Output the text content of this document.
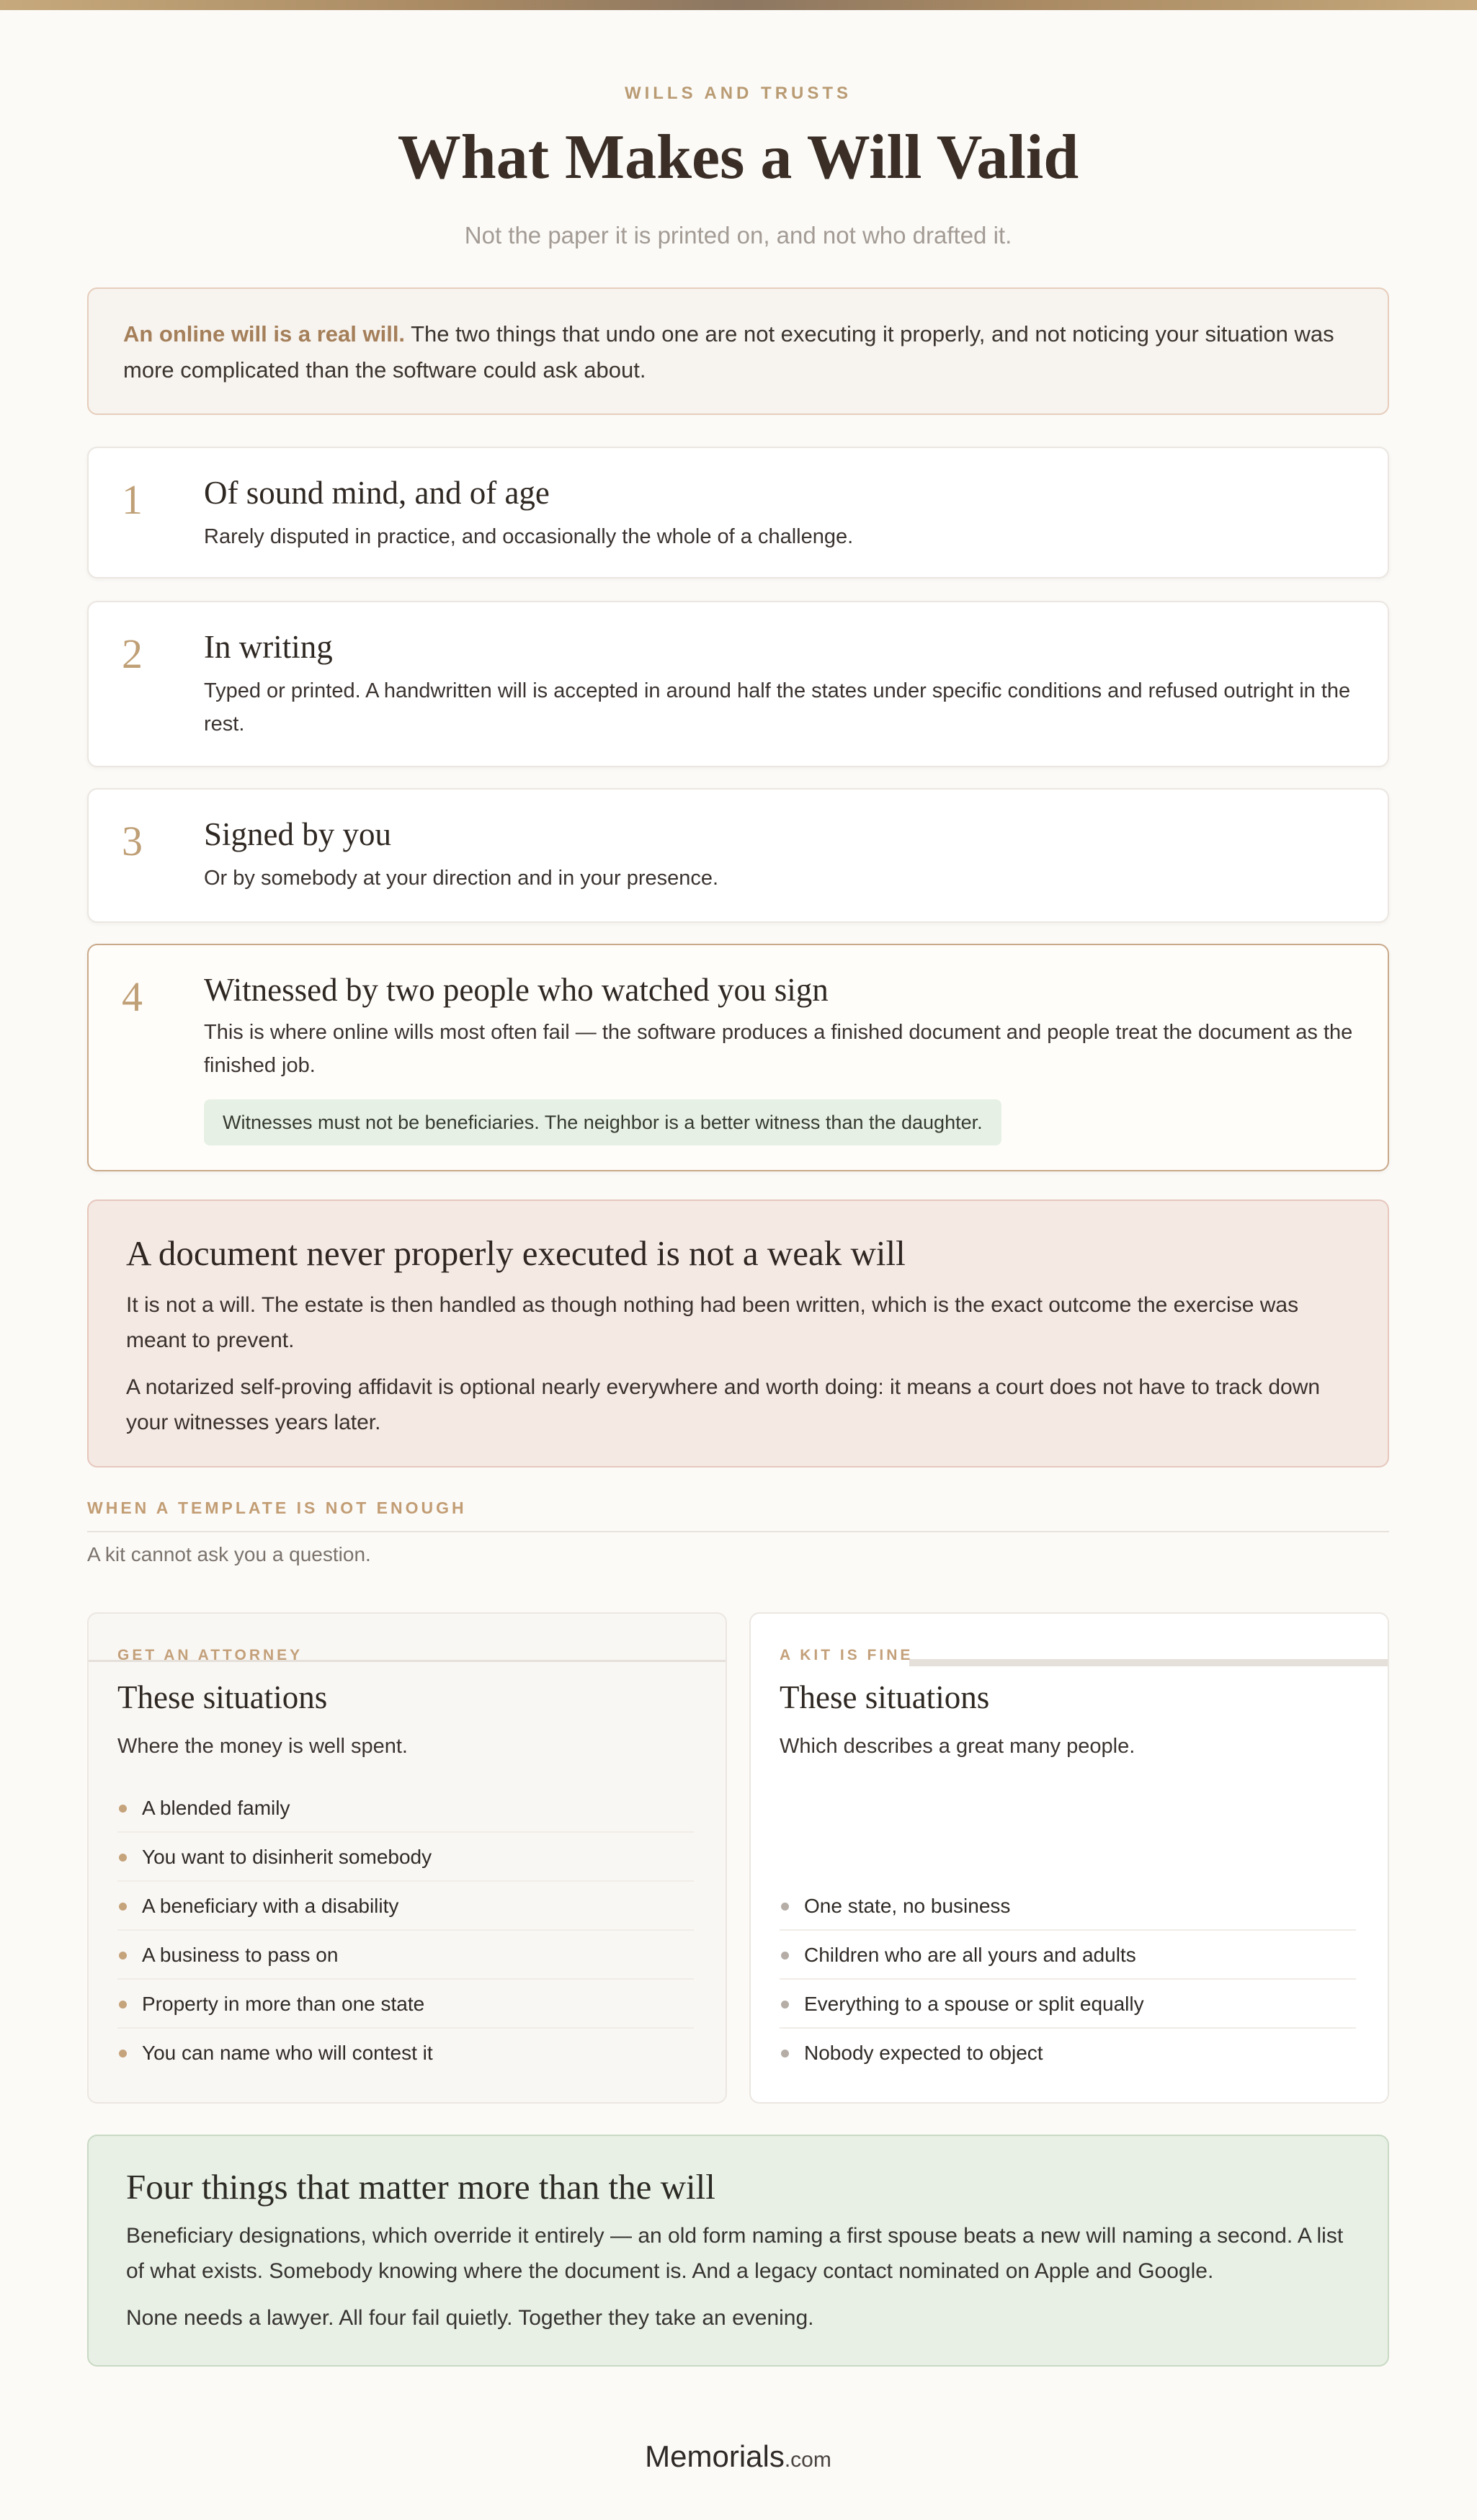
WILLS AND TRUSTS
What Makes a Will Valid
Not the paper it is printed on, and not who drafted it.
An online will is a real will. The two things that undo one are not executing it properly, and not noticing your situation was more complicated than the software could ask about.
1 Of sound mind, and of age
Rarely disputed in practice, and occasionally the whole of a challenge.
2 In writing
Typed or printed. A handwritten will is accepted in around half the states under specific conditions and refused outright in the rest.
3 Signed by you
Or by somebody at your direction and in your presence.
4 Witnessed by two people who watched you sign
This is where online wills most often fail — the software produces a finished document and people treat the document as the finished job.
Witnesses must not be beneficiaries. The neighbor is a better witness than the daughter.
A document never properly executed is not a weak will
It is not a will. The estate is then handled as though nothing had been written, which is the exact outcome the exercise was meant to prevent.
A notarized self-proving affidavit is optional nearly everywhere and worth doing: it means a court does not have to track down your witnesses years later.
WHEN A TEMPLATE IS NOT ENOUGH
A kit cannot ask you a question.
GET AN ATTORNEY
These situations
Where the money is well spent.
A blended family
You want to disinherit somebody
A beneficiary with a disability
A business to pass on
Property in more than one state
You can name who will contest it
A KIT IS FINE
These situations
Which describes a great many people.
One state, no business
Children who are all yours and adults
Everything to a spouse or split equally
Nobody expected to object
Four things that matter more than the will
Beneficiary designations, which override it entirely — an old form naming a first spouse beats a new will naming a second. A list of what exists. Somebody knowing where the document is. And a legacy contact nominated on Apple and Google.
None needs a lawyer. All four fail quietly. Together they take an evening.
Memorials.com
